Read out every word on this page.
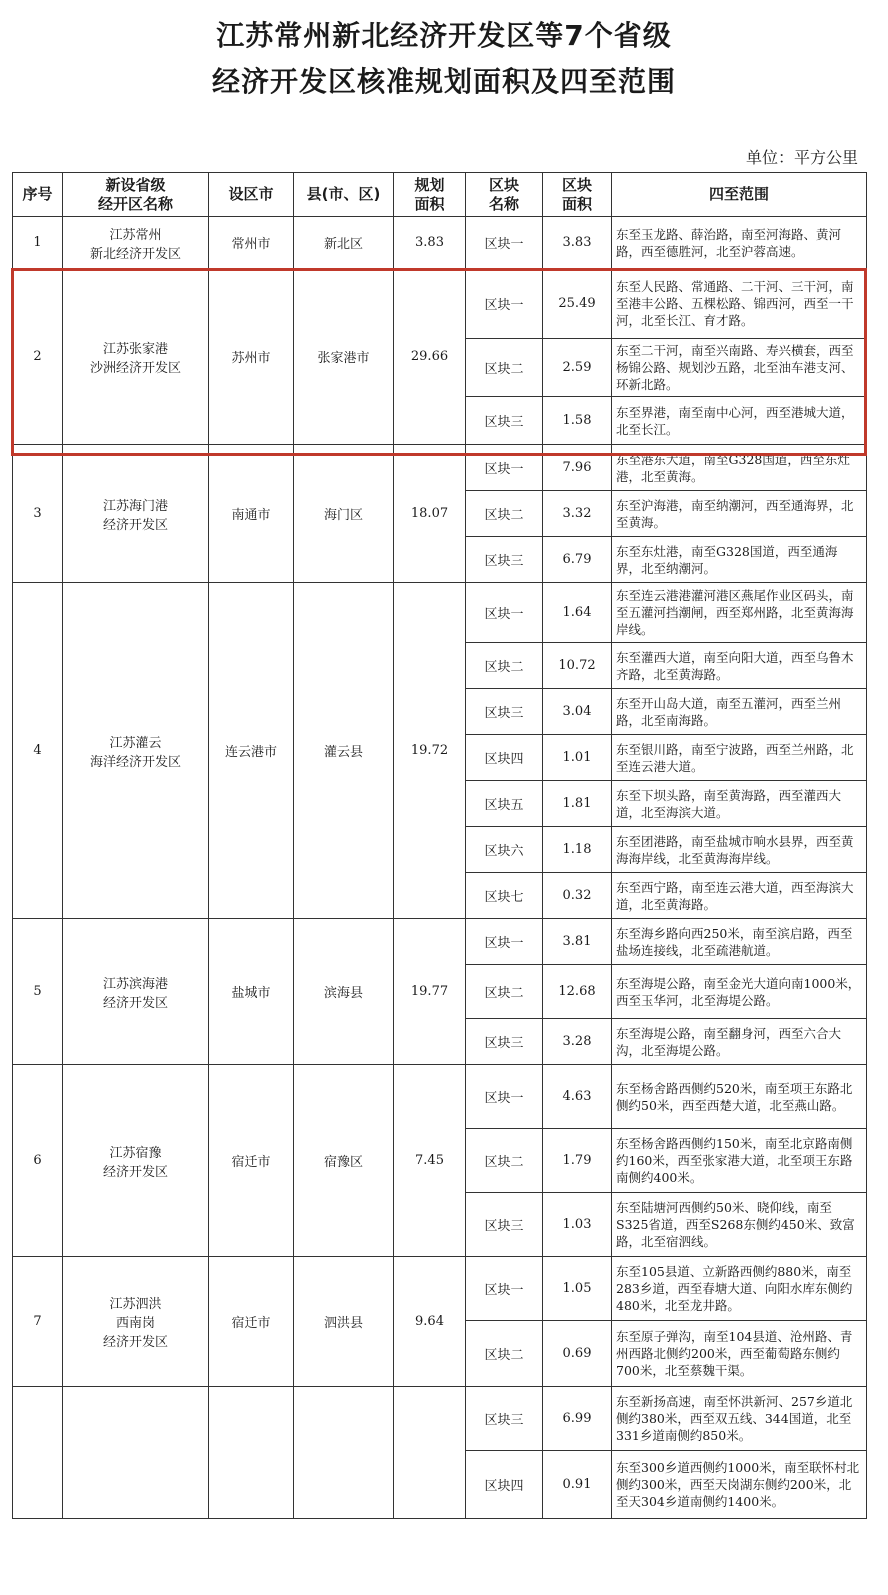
江苏常州新北经济开发区等7个省级
经济开发区核准规划面积及四至范围
单位：平方公里
序号	新设省级
经开区名称	设区市	县(市、区)	规划
面积	区块
名称	区块
面积	四至范围
1	江苏常州
新北经济开发区	常州市	新北区	3.83	区块一	3.83	东至玉龙路、薛治路，南至河海路、黄河路，西至德胜河，北至沪蓉高速。
2	江苏张家港
沙洲经济开发区	苏州市	张家港市	29.66	区块一	25.49	东至人民路、常通路、二干河、三干河，南至港丰公路、五棵松路、锦西河，西至一干河，北至长江、育才路。
					区块二	2.59	东至二干河，南至兴南路、寿兴横套，西至杨锦公路、规划沙五路，北至油车港支河、环新北路。
					区块三	1.58	东至界港，南至南中心河，西至港城大道，北至长江。
3	江苏海门港
经济开发区	南通市	海门区	18.07	区块一	7.96	东至港东大道，南至G328国道，西至东灶港，北至黄海。
					区块二	3.32	东至沪海港，南至纳潮河，西至通海界，北至黄海。
					区块三	6.79	东至东灶港，南至G328国道，西至通海界，北至纳潮河。
4	江苏灌云
海洋经济开发区	连云港市	灌云县	19.72	区块一	1.64	东至连云港港灌河港区燕尾作业区码头，南至五灌河挡潮闸，西至郑州路，北至黄海海岸线。
					区块二	10.72	东至灌西大道，南至向阳大道，西至乌鲁木齐路，北至黄海路。
					区块三	3.04	东至开山岛大道，南至五灌河，西至兰州路，北至南海路。
					区块四	1.01	东至银川路，南至宁波路，西至兰州路，北至连云港大道。
					区块五	1.81	东至下坝头路，南至黄海路，西至灌西大道，北至海滨大道。
					区块六	1.18	东至团港路，南至盐城市响水县界，西至黄海海岸线，北至黄海海岸线。
					区块七	0.32	东至西宁路，南至连云港大道，西至海滨大道，北至黄海路。
5	江苏滨海港
经济开发区	盐城市	滨海县	19.77	区块一	3.81	东至海乡路向西250米，南至滨启路，西至盐场连接线，北至疏港航道。
					区块二	12.68	东至海堤公路，南至金光大道向南1000米，西至玉华河，北至海堤公路。
					区块三	3.28	东至海堤公路，南至翻身河，西至六合大沟，北至海堤公路。
6	江苏宿豫
经济开发区	宿迁市	宿豫区	7.45	区块一	4.63	东至杨舍路西侧约520米，南至项王东路北侧约50米，西至西楚大道，北至燕山路。
					区块二	1.79	东至杨舍路西侧约150米，南至北京路南侧约160米，西至张家港大道，北至项王东路南侧约400米。
					区块三	1.03	东至陆塘河西侧约50米、晓仰线，南至S325省道，西至S268东侧约450米、致富路，北至宿泗线。
7	江苏泗洪
西南岗
经济开发区	宿迁市	泗洪县	9.64	区块一	1.05	东至105县道、立新路西侧约880米，南至283乡道，西至春塘大道、向阳水库东侧约480米，北至龙井路。
					区块二	0.69	东至原子弹沟，南至104县道、沧州路、青州西路北侧约200米，西至葡萄路东侧约700米，北至蔡魏干渠。
					区块三	6.99	东至新扬高速，南至怀洪新河、257乡道北侧约380米，西至双五线、344国道，北至331乡道南侧约850米。
					区块四	0.91	东至300乡道西侧约1000米，南至联怀村北侧约300米，西至天岗湖东侧约200米，北至天304乡道南侧约1400米。
